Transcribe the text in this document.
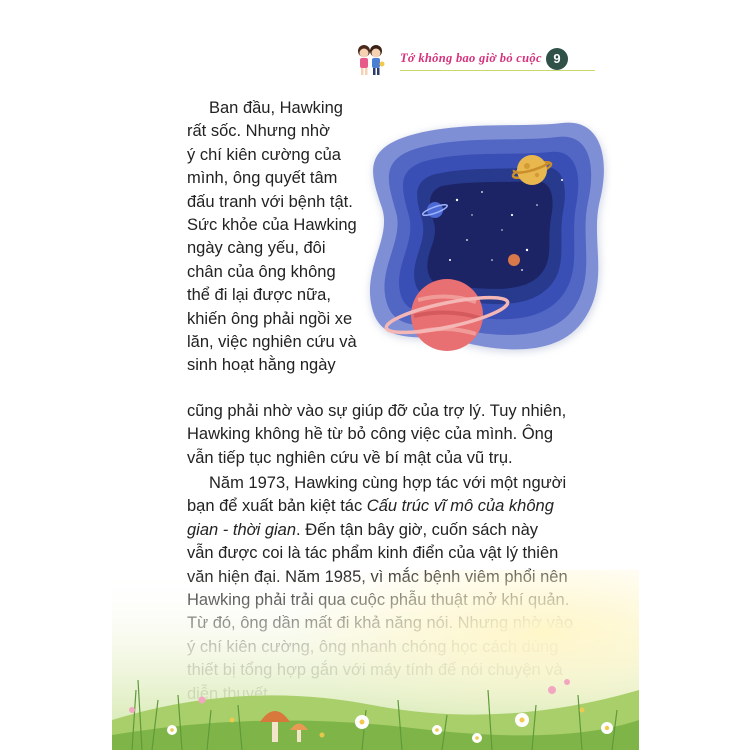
Tớ không bao giờ bỏ cuộc 9

Ban đầu, Hawking
rất sốc. Nhưng nhờ
ý chí kiên cường của
mình, ông quyết tâm
đấu tranh với bệnh tật.
Sức khỏe của Hawking
ngày càng yếu, đôi
chân của ông không
thể đi lại được nữa,
khiến ông phải ngồi xe
lăn, việc nghiên cứu và
sinh hoạt hằng ngày

cũng phải nhờ vào sự giúp đỡ của trợ lý. Tuy nhiên,
Hawking không hề từ bỏ công việc của mình. Ông
vẫn tiếp tục nghiên cứu về bí mật của vũ trụ.

Năm 1973, Hawking cùng hợp tác với một người
bạn để xuất bản kiệt tác Cấu trúc vĩ mô của không
gian - thời gian. Đến tận bây giờ, cuốn sách này
vẫn được coi là tác phẩm kinh điển của vật lý thiên
